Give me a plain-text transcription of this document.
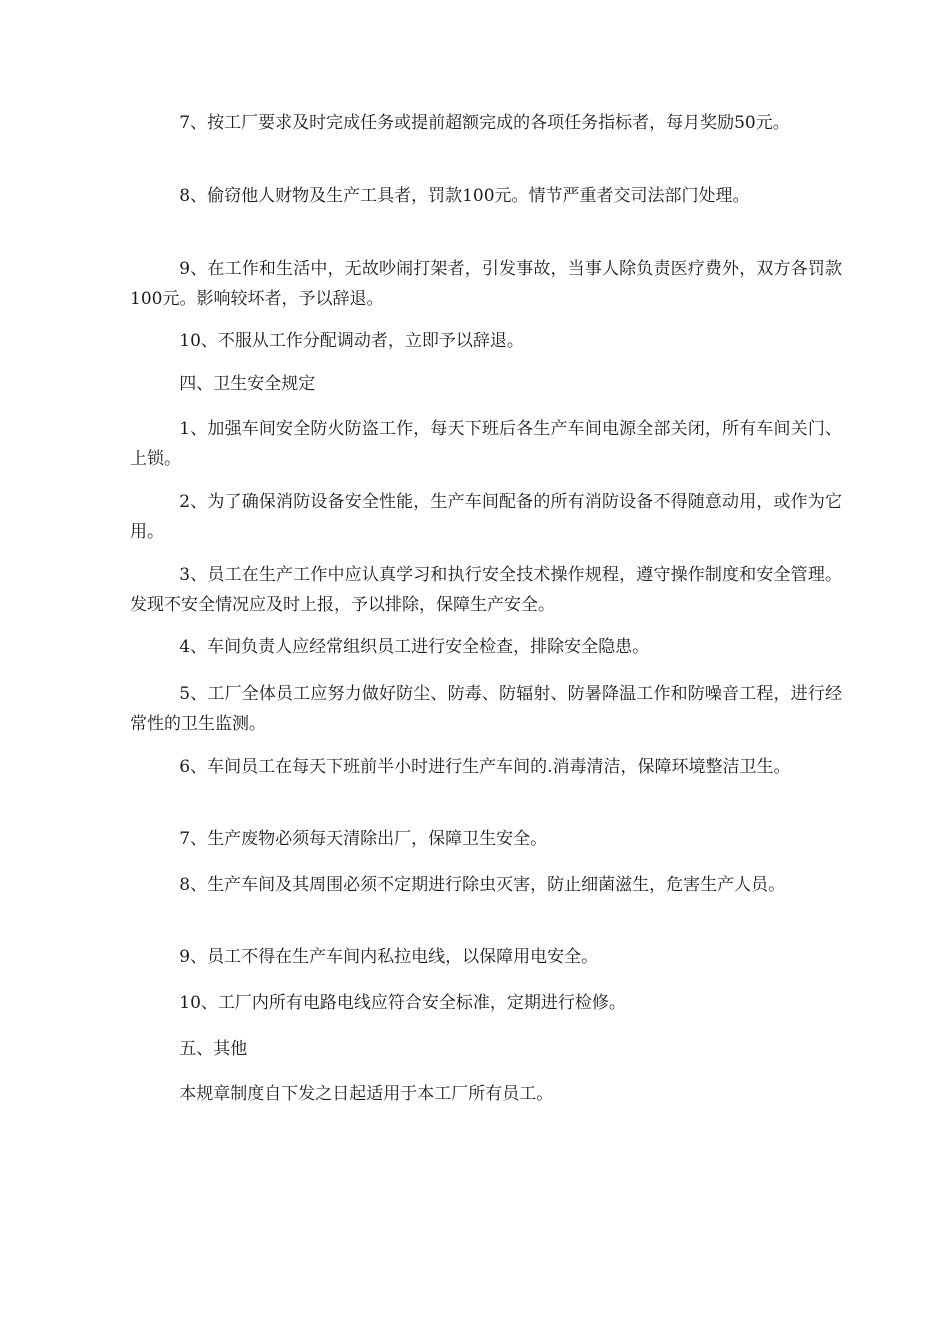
7、按工厂要求及时完成任务或提前超额完成的各项任务指标者，每月奖励50元。

8、偷窃他人财物及生产工具者，罚款100元。情节严重者交司法部门处理。

9、在工作和生活中，无故吵闹打架者，引发事故，当事人除负责医疗费外，双方各罚款100元。影响较坏者，予以辞退。

10、不服从工作分配调动者，立即予以辞退。

四、卫生安全规定

1、加强车间安全防火防盗工作，每天下班后各生产车间电源全部关闭，所有车间关门、上锁。

2、为了确保消防设备安全性能，生产车间配备的所有消防设备不得随意动用，或作为它用。

3、员工在生产工作中应认真学习和执行安全技术操作规程，遵守操作制度和安全管理。发现不安全情况应及时上报，予以排除，保障生产安全。

4、车间负责人应经常组织员工进行安全检查，排除安全隐患。

5、工厂全体员工应努力做好防尘、防毒、防辐射、防暑降温工作和防噪音工程，进行经常性的卫生监测。

6、车间员工在每天下班前半小时进行生产车间的.消毒清洁，保障环境整洁卫生。

7、生产废物必须每天清除出厂，保障卫生安全。

8、生产车间及其周围必须不定期进行除虫灭害，防止细菌滋生，危害生产人员。

9、员工不得在生产车间内私拉电线，以保障用电安全。

10、工厂内所有电路电线应符合安全标准，定期进行检修。

五、其他

本规章制度自下发之日起适用于本工厂所有员工。
